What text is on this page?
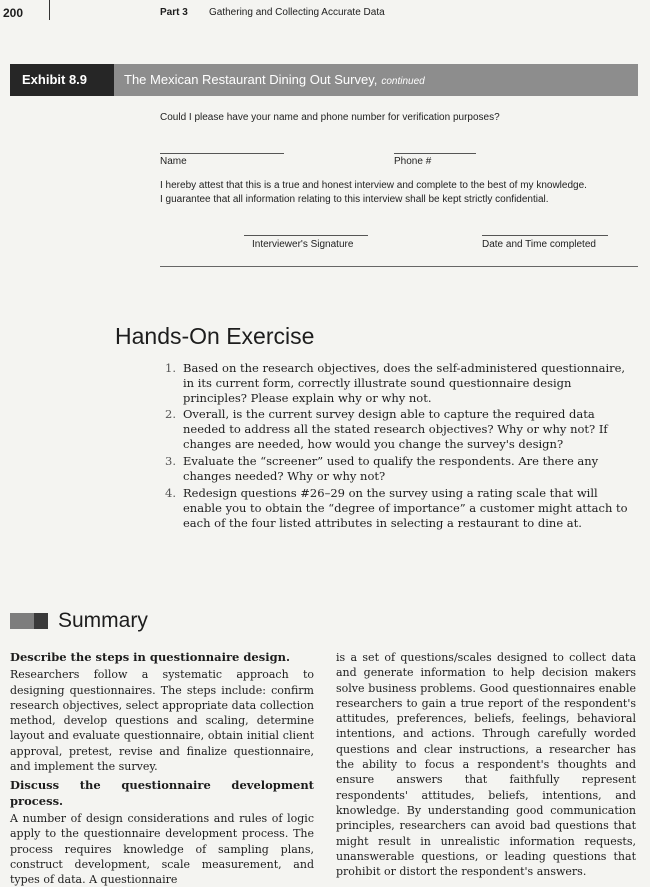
200	Part 3 Gathering and Collecting Accurate Data
Exhibit 8.9	The Mexican Restaurant Dining Out Survey, continued
Could I please have your name and phone number for verification purposes?
Name	Phone #
I hereby attest that this is a true and honest interview and complete to the best of my knowledge.
I guarantee that all information relating to this interview shall be kept strictly confidential.
Interviewer's Signature	Date and Time completed
Hands-On Exercise
1. Based on the research objectives, does the self-administered questionnaire, in its current form, correctly illustrate sound questionnaire design principles? Please explain why or why not.
2. Overall, is the current survey design able to capture the required data needed to address all the stated research objectives? Why or why not? If changes are needed, how would you change the survey's design?
3. Evaluate the “screener” used to qualify the respondents. Are there any changes needed? Why or why not?
4. Redesign questions #26–29 on the survey using a rating scale that will enable you to obtain the “degree of importance” a customer might attach to each of the four listed attributes in selecting a restaurant to dine at.
Summary
Describe the steps in questionnaire design.
Researchers follow a systematic approach to designing questionnaires. The steps include: confirm research objectives, select appropriate data collection method, develop questions and scaling, determine layout and evaluate questionnaire, obtain initial client approval, pretest, revise and finalize questionnaire, and implement the survey.
Discuss the questionnaire development process.
A number of design considerations and rules of logic apply to the questionnaire development process. The process requires knowledge of sampling plans, construct development, scale measurement, and types of data. A questionnaire
is a set of questions/scales designed to collect data and generate information to help decision makers solve business problems. Good questionnaires enable researchers to gain a true report of the respondent's attitudes, preferences, beliefs, feelings, behavioral intentions, and actions. Through carefully worded questions and clear instructions, a researcher has the ability to focus a respondent's thoughts and ensure answers that faithfully represent respondents' attitudes, beliefs, intentions, and knowledge. By understanding good communication principles, researchers can avoid bad questions that might result in unrealistic information requests, unanswerable questions, or leading questions that prohibit or distort the respondent's answers.
